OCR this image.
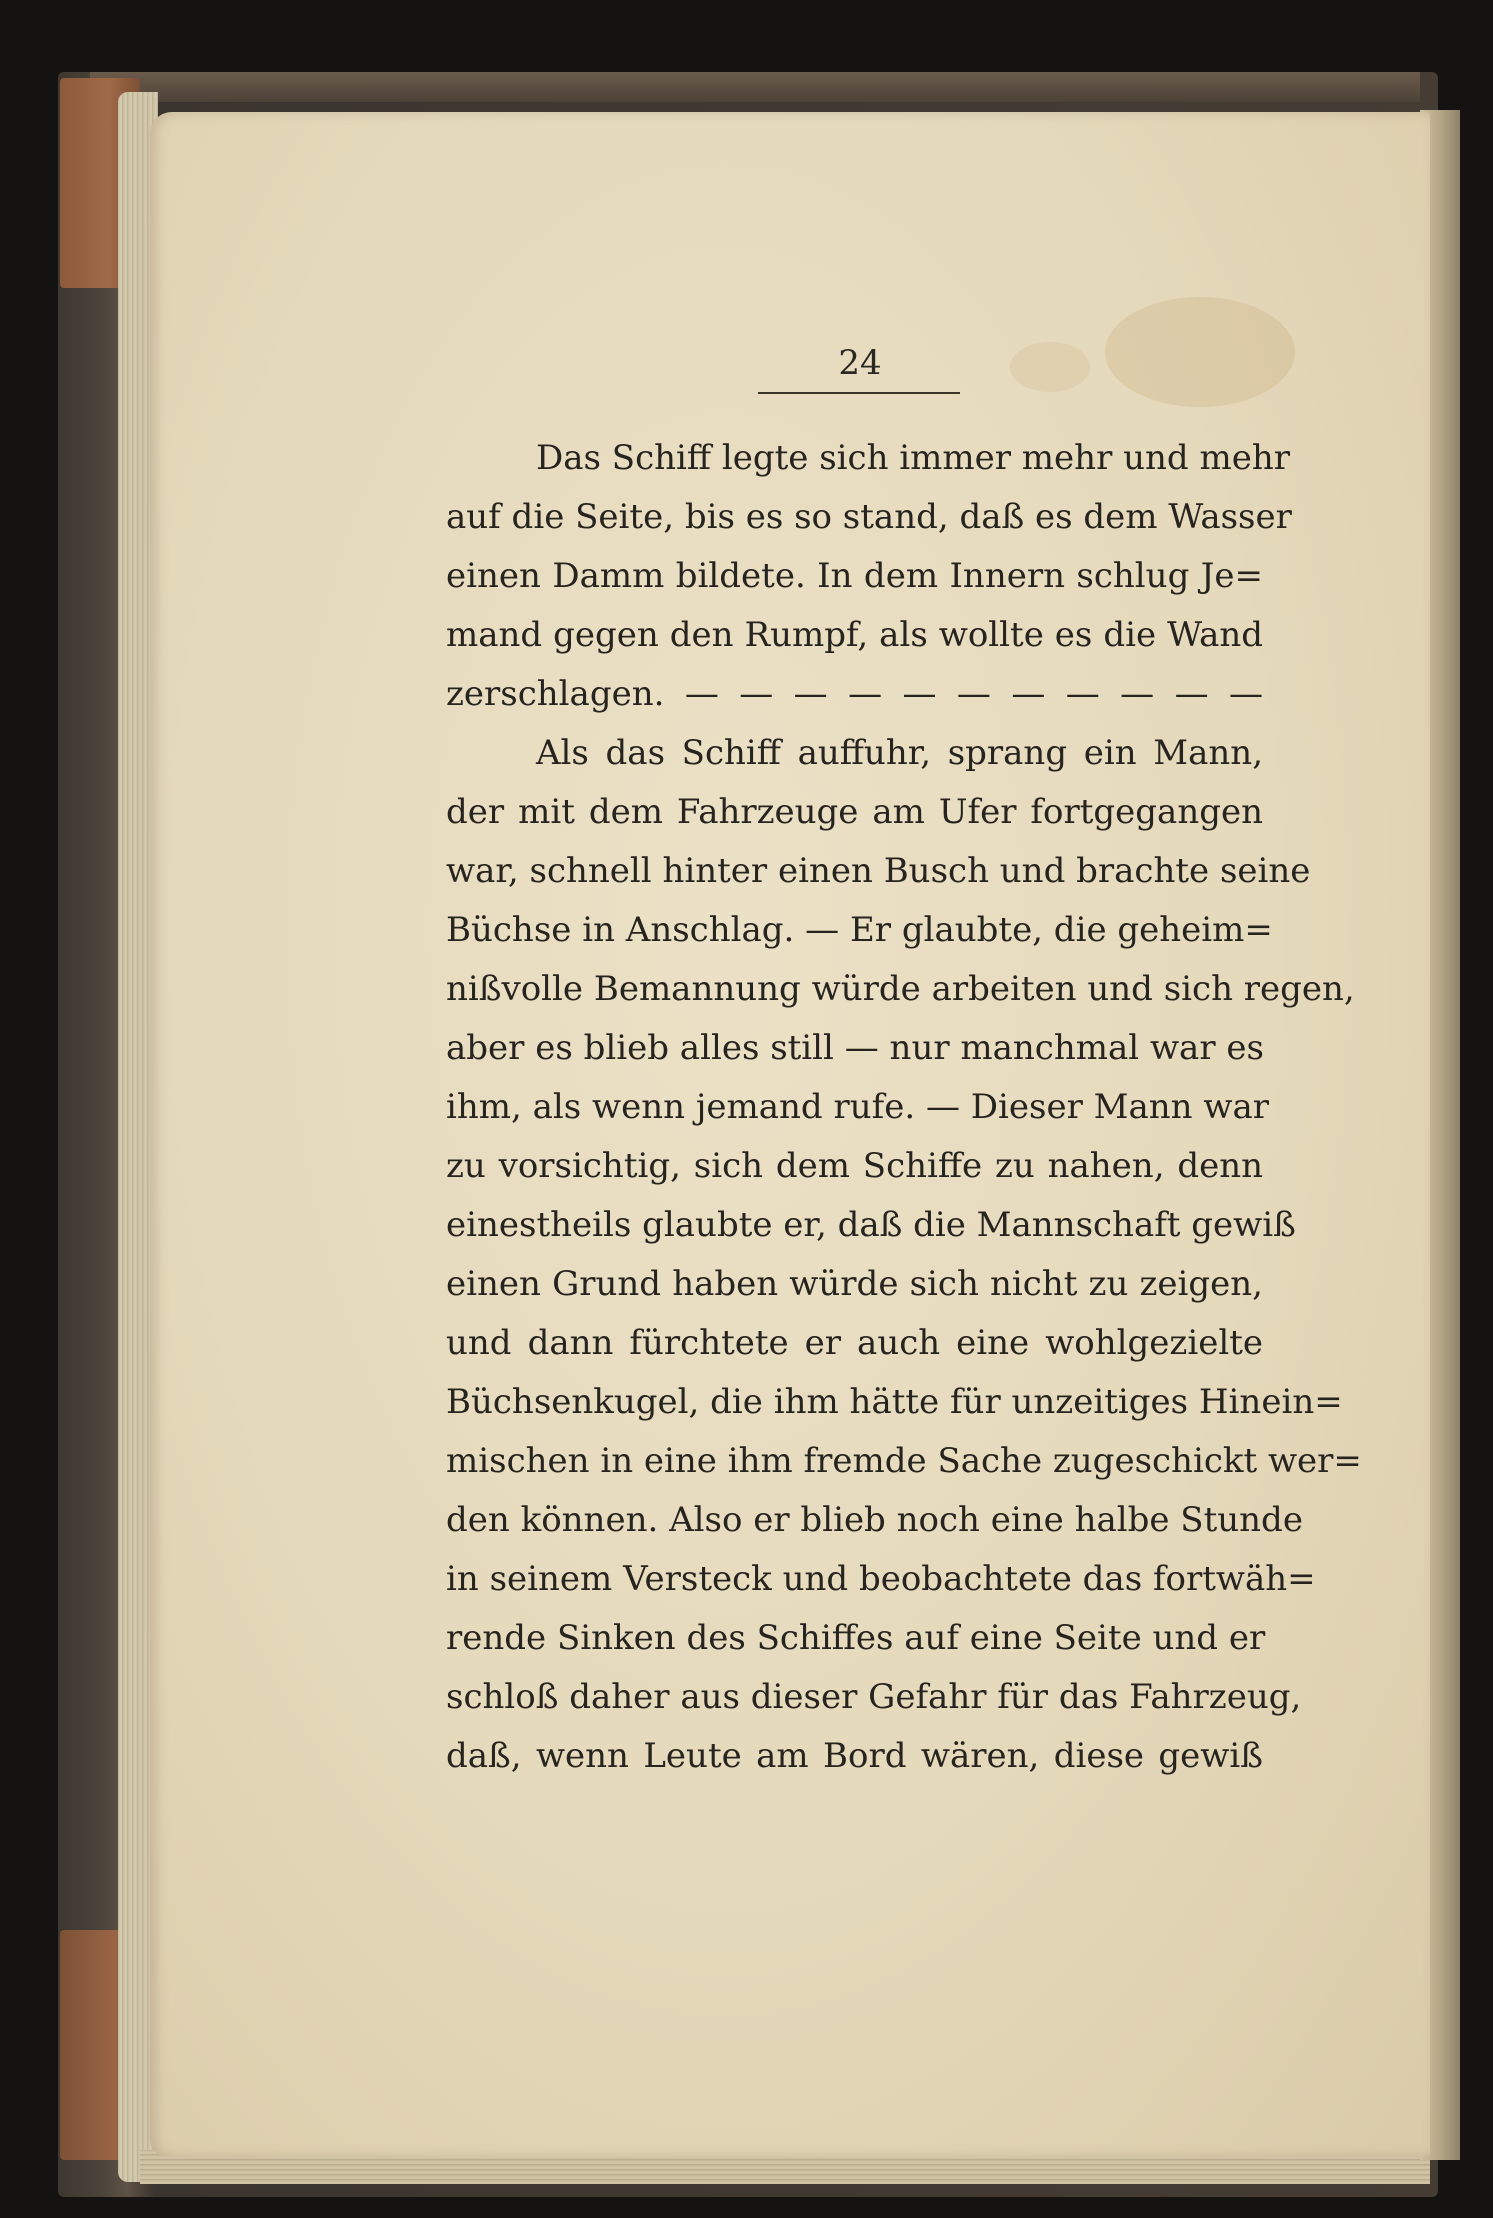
24
Das Schiff legte sich immer mehr und mehr
auf die Seite, bis es so stand, daß es dem Wasser
einen Damm bildete. In dem Innern schlug Je=
mand gegen den Rumpf, als wollte es die Wand
zerschlagen. — — — — — — — — — — —
Als das Schiff auffuhr, sprang ein Mann,
der mit dem Fahrzeuge am Ufer fortgegangen
war, schnell hinter einen Busch und brachte seine
Büchse in Anschlag. — Er glaubte, die geheim=
nißvolle Bemannung würde arbeiten und sich regen,
aber es blieb alles still — nur manchmal war es
ihm, als wenn jemand rufe. — Dieser Mann war
zu vorsichtig, sich dem Schiffe zu nahen, denn
einestheils glaubte er, daß die Mannschaft gewiß
einen Grund haben würde sich nicht zu zeigen,
und dann fürchtete er auch eine wohlgezielte
Büchsenkugel, die ihm hätte für unzeitiges Hinein=
mischen in eine ihm fremde Sache zugeschickt wer=
den können. Also er blieb noch eine halbe Stunde
in seinem Versteck und beobachtete das fortwäh=
rende Sinken des Schiffes auf eine Seite und er
schloß daher aus dieser Gefahr für das Fahrzeug,
daß, wenn Leute am Bord wären, diese gewiß
